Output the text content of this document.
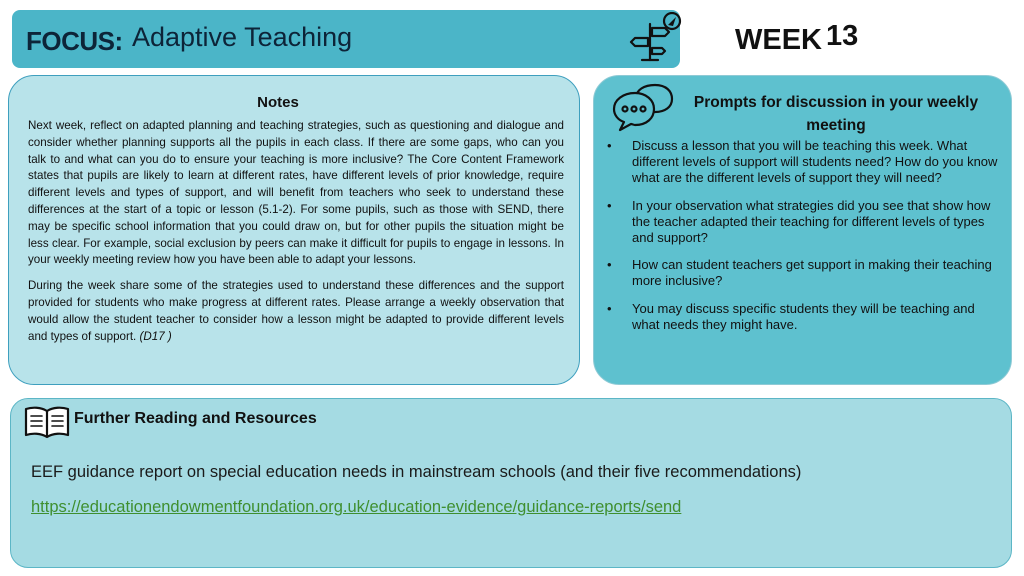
FOCUS: Adaptive Teaching	WEEK 13
Notes

Next week, reflect on adapted planning and teaching strategies, such as questioning and dialogue and consider whether planning supports all the pupils in each class. If there are some gaps, who can you talk to and what can you do to ensure your teaching is more inclusive? The Core Content Framework states that pupils are likely to learn at different rates, have different levels of prior knowledge, require different levels and types of support, and will benefit from teachers who seek to understand these differences at the start of a topic or lesson (5.1-2). For some pupils, such as those with SEND, there may be specific school information that you could draw on, but for other pupils the situation might be less clear. For example, social exclusion by peers can make it difficult for pupils to engage in lessons. In your weekly meeting review how you have been able to adapt your lessons.

During the week share some of the strategies used to understand these differences and the support provided for students who make progress at different rates. Please arrange a weekly observation that would allow the student teacher to consider how a lesson might be adapted to provide different levels and types of support. (D17 )

Prompts for discussion in your weekly meeting
• Discuss a lesson that you will be teaching this week. What different levels of support will students need? How do you know what are the different levels of support they will need?
• In your observation what strategies did you see that show how the teacher adapted their teaching for different levels of types and support?
• How can student teachers get support in making their teaching more inclusive?
• You may discuss specific students they will be teaching and what needs they might have.
Further Reading and Resources

EEF guidance report on special education needs in mainstream schools (and their five recommendations)

https://educationendowmentfoundation.org.uk/education-evidence/guidance-reports/send
